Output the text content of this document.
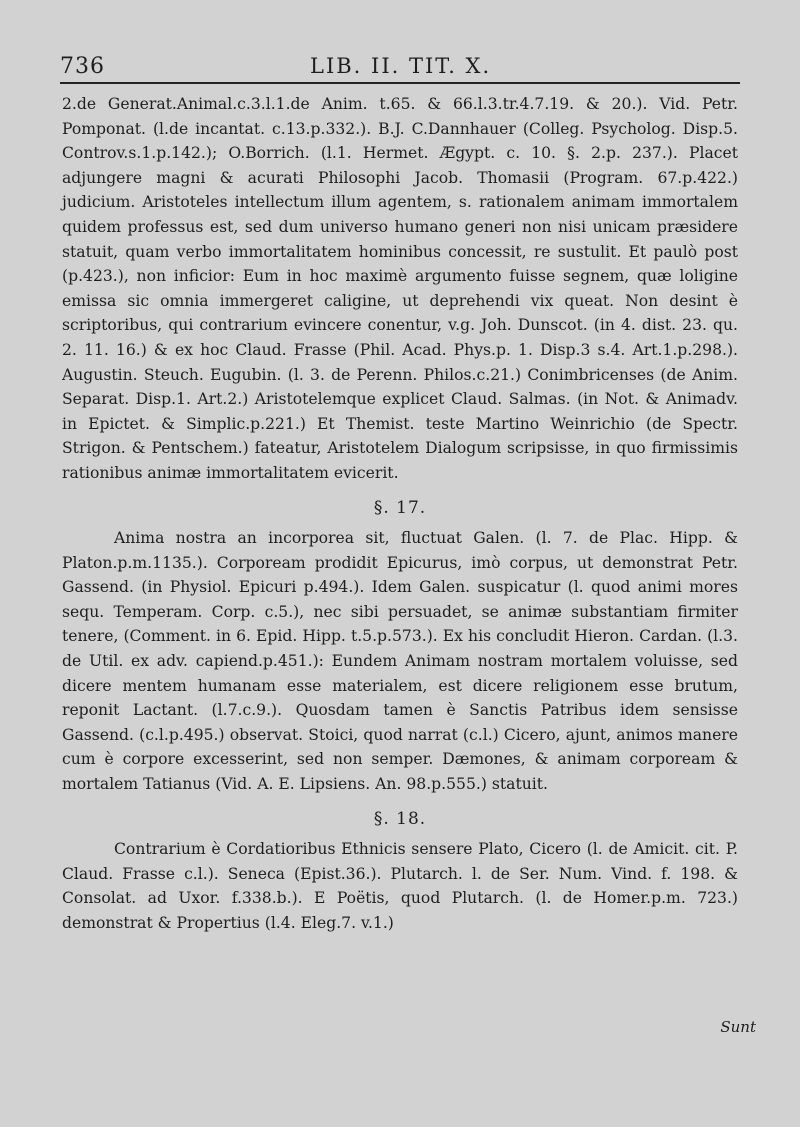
736	LIB. II. TIT. X.

2.de Generat.Animal.c.3.l.1.de Anim. t.65. & 66.l.3.tr.4.7.19. & 20.). Vid. Petr. Pomponat. (l.de incantat. c.13.p.332.). B.J. C.Dannhauer (Colleg. Psycholog. Disp.5. Controv.s.1.p.142.); O.Borrich. (l.1. Hermet. Ægypt. c. 10. §. 2.p. 237.). Placet adjungere magni & acurati Philosophi Jacob. Thomasii (Program. 67.p.422.) judicium. Aristoteles intellectum illum agentem, s. rationalem animam immortalem quidem professus est, sed dum universo humano generi non nisi unicam præsidere statuit, quam verbo immortalitatem hominibus concessit, re sustulit. Et paulò post (p.423.), non inficior: Eum in hoc maximè argumento fuisse segnem, quæ loligine emissa sic omnia immergeret caligine, ut deprehendi vix queat. Non desint è scriptoribus, qui contrarium evincere conentur, v.g. Joh. Dunscot. (in 4. dist. 23. qu. 2. 11. 16.) & ex hoc Claud. Frasse (Phil. Acad. Phys.p. 1. Disp.3 s.4. Art.1.p.298.). Augustin. Steuch. Eugubin. (l. 3. de Perenn. Philos.c.21.) Conimbricenses (de Anim. Separat. Disp.1. Art.2.) Aristotelemque explicet Claud. Salmas. (in Not. & Animadv. in Epictet. & Simplic.p.221.) Et Themist. teste Martino Weinrichio (de Spectr. Strigon. & Pentschem.) fateatur, Aristotelem Dialogum scripsisse, in quo firmissimis rationibus animæ immortalitatem evicerit.

§. 17.

Anima nostra an incorporea sit, fluctuat Galen. (l. 7. de Plac. Hipp. & Platon.p.m.1135.). Corpoream prodidit Epicurus, imò corpus, ut demonstrat Petr. Gassend. (in Physiol. Epicuri p.494.). Idem Galen. suspicatur (l. quod animi mores sequ. Temperam. Corp. c.5.), nec sibi persuadet, se animæ substantiam firmiter tenere, (Comment. in 6. Epid. Hipp. t.5.p.573.). Ex his concludit Hieron. Cardan. (l.3. de Util. ex adv. capiend.p.451.): Eundem Animam nostram mortalem voluisse, sed dicere mentem humanam esse materialem, est dicere religionem esse brutum, reponit Lactant. (l.7.c.9.). Quosdam tamen è Sanctis Patribus idem sensisse Gassend. (c.l.p.495.) observat. Stoici, quod narrat (c.l.) Cicero, ajunt, animos manere cum è corpore excesserint, sed non semper. Dæmones, & animam corpoream & mortalem Tatianus (Vid. A. E. Lipsiens. An. 98.p.555.) statuit.

§. 18.

Contrarium è Cordatioribus Ethnicis sensere Plato, Cicero (l. de Amicit. cit. P. Claud. Frasse c.l.). Seneca (Epist.36.). Plutarch. l. de Ser. Num. Vind. f. 198. & Consolat. ad Uxor. f.338.b.). E Poëtis, quod Plutarch. (l. de Homer.p.m. 723.) demonstrat & Propertius (l.4. Eleg.7. v.1.)

Sunt
